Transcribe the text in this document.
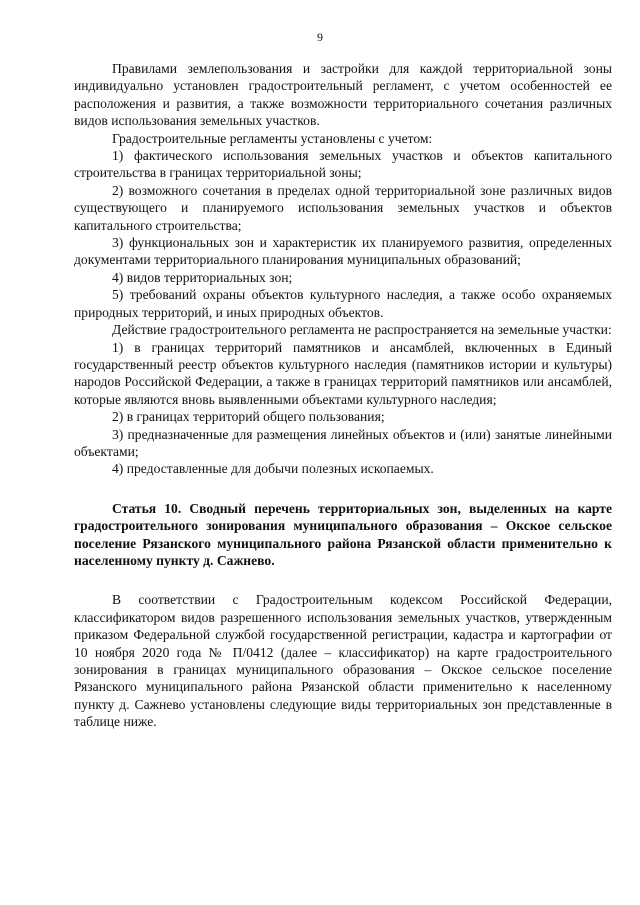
9

Правилами землепользования и застройки для каждой территориальной зоны индивидуально установлен градостроительный регламент, с учетом особенностей ее расположения и развития, а также возможности территориального сочетания различных видов использования земельных участков.

Градостроительные регламенты установлены с учетом:

1) фактического использования земельных участков и объектов капитального строительства в границах территориальной зоны;

2) возможного сочетания в пределах одной территориальной зоне различных видов существующего и планируемого использования земельных участков и объектов капитального строительства;

3) функциональных зон и характеристик их планируемого развития, определенных документами территориального планирования муниципальных образований;

4) видов территориальных зон;

5) требований охраны объектов культурного наследия, а также особо охраняемых природных территорий, и иных природных объектов.

Действие градостроительного регламента не распространяется на земельные участки:

1) в границах территорий памятников и ансамблей, включенных в Единый государственный реестр объектов культурного наследия (памятников истории и культуры) народов Российской Федерации, а также в границах территорий памятников или ансамблей, которые являются вновь выявленными объектами культурного наследия;

2) в границах территорий общего пользования;

3) предназначенные для размещения линейных объектов и (или) занятые линейными объектами;

4) предоставленные для добычи полезных ископаемых.

Статья 10. Сводный перечень территориальных зон, выделенных на карте градостроительного зонирования муниципального образования – Окское сельское поселение Рязанского муниципального района Рязанской области применительно к населенному пункту д. Сажнево.

В соответствии с Градостроительным кодексом Российской Федерации, классификатором видов разрешенного использования земельных участков, утвержденным приказом Федеральной службой государственной регистрации, кадастра и картографии от 10 ноября 2020 года № П/0412 (далее – классификатор) на карте градостроительного зонирования в границах муниципального образования – Окское сельское поселение Рязанского муниципального района Рязанской области применительно к населенному пункту д. Сажнево установлены следующие виды территориальных зон представленные в таблице ниже.
